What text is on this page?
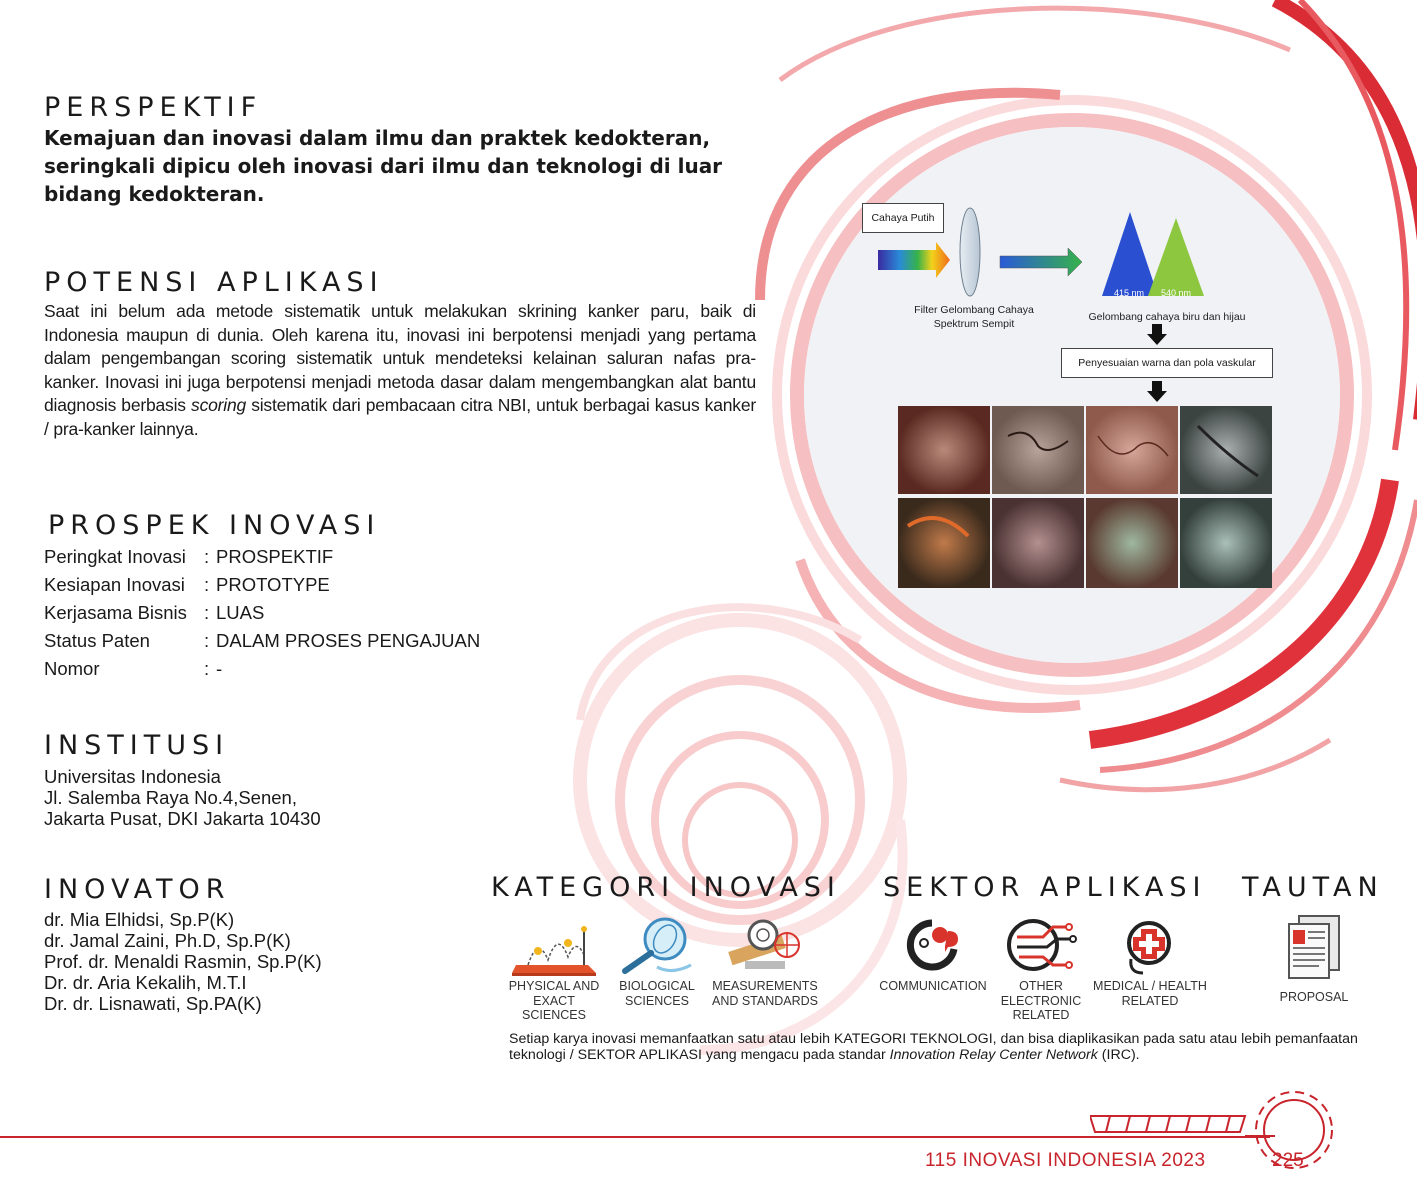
PERSPEKTIF
Kemajuan dan inovasi dalam ilmu dan praktek kedokteran,
seringkali dipicu oleh inovasi dari ilmu dan teknologi di luar
bidang kedokteran.
POTENSI APLIKASI
Saat ini belum ada metode sistematik untuk melakukan skrining kanker paru, baik di Indonesia maupun di dunia. Oleh karena itu, inovasi ini berpotensi menjadi yang pertama dalam pengembangan scoring sistematik untuk mendeteksi kelainan saluran nafas pra-kanker. Inovasi ini juga berpotensi menjadi metoda dasar dalam mengembangkan alat bantu diagnosis berbasis scoring sistematik dari pembacaan citra NBI, untuk berbagai kasus kanker / pra-kanker lainnya.
PROSPEK INOVASI
Peringkat Inovasi : PROSPEKTIF
Kesiapan Inovasi	: PROTOTYPE
Kerjasama Bisnis : LUAS
Status Paten	: DALAM PROSES PENGAJUAN
Nomor	: -
INSTITUSI
Universitas Indonesia
Jl. Salemba Raya No.4,Senen,
Jakarta Pusat, DKI Jakarta 10430
INOVATOR
dr. Mia Elhidsi, Sp.P(K)
dr. Jamal Zaini, Ph.D, Sp.P(K)
Prof. dr. Menaldi Rasmin, Sp.P(K)
Dr. dr. Aria Kekalih, M.T.I
Dr. dr. Lisnawati, Sp.PA(K)
KATEGORI INOVASI SEKTOR APLIKASI TAUTAN
PHYSICAL AND
EXACT SCIENCES
BIOLOGICAL
SCIENCES
MEASUREMENTS
AND STANDARDS
COMMUNICATION	OTHER
ELECTRONIC
RELATED
MEDICAL / HEALTH
RELATED	PROPOSAL
Setiap karya inovasi memanfaatkan satu atau lebih KATEGORI TEKNOLOGI, dan bisa diaplikasikan pada satu atau lebih pemanfaatan teknologi / SEKTOR APLIKASI yang mengacu pada standar Innovation Relay Center Network (IRC).
Cahaya Putih
415 nm 540 nm
Filter Gelombang Cahaya
Spektrum Sempit
Gelombang cahaya biru dan hijau
Penyesuaian warna dan pola vaskular
115 INOVASI INDONESIA 2023	225
